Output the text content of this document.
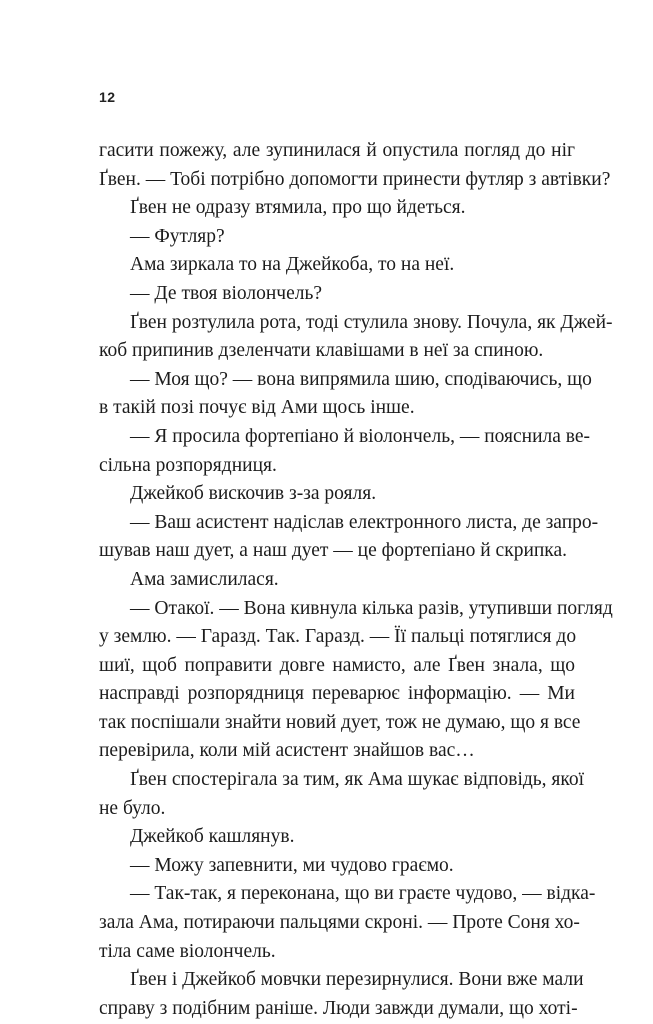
12
гасити пожежу, але зупинилася й опустила погляд до ніг
Ґвен. — Тобі потрібно допомогти принести футляр з автівки?
Ґвен не одразу втямила, про що йдеться.
— Футляр?
Ама зиркала то на Джейкоба, то на неї.
— Де твоя віолончель?
Ґвен розтулила рота, тоді стулила знову. Почула, як Джей-
коб припинив дзеленчати клавішами в неї за спиною.
— Моя що? — вона випрямила шию, сподіваючись, що
в такій позі почує від Ами щось інше.
— Я просила фортепіано й віолончель, — пояснила ве-
сільна розпорядниця.
Джейкоб вискочив з-за рояля.
— Ваш асистент надіслав електронного листа, де запро-
шував наш дует, а наш дует — це фортепіано й скрипка.
Ама замислилася.
— Отакої. — Вона кивнула кілька разів, утупивши погляд
у землю. — Гаразд. Так. Гаразд. — Її пальці потяглися до
шиї, щоб поправити довге намисто, але Ґвен знала, що
насправді розпорядниця переварює інформацію. — Ми
так поспішали знайти новий дует, тож не думаю, що я все
перевірила, коли мій асистент знайшов вас…
Ґвен спостерігала за тим, як Ама шукає відповідь, якої
не було.
Джейкоб кашлянув.
— Можу запевнити, ми чудово граємо.
— Так-так, я переконана, що ви граєте чудово, — відка-
зала Ама, потираючи пальцями скроні. — Проте Соня хо-
тіла саме віолончель.
Ґвен і Джейкоб мовчки перезирнулися. Вони вже мали
справу з подібним раніше. Люди завжди думали, що хоті-
